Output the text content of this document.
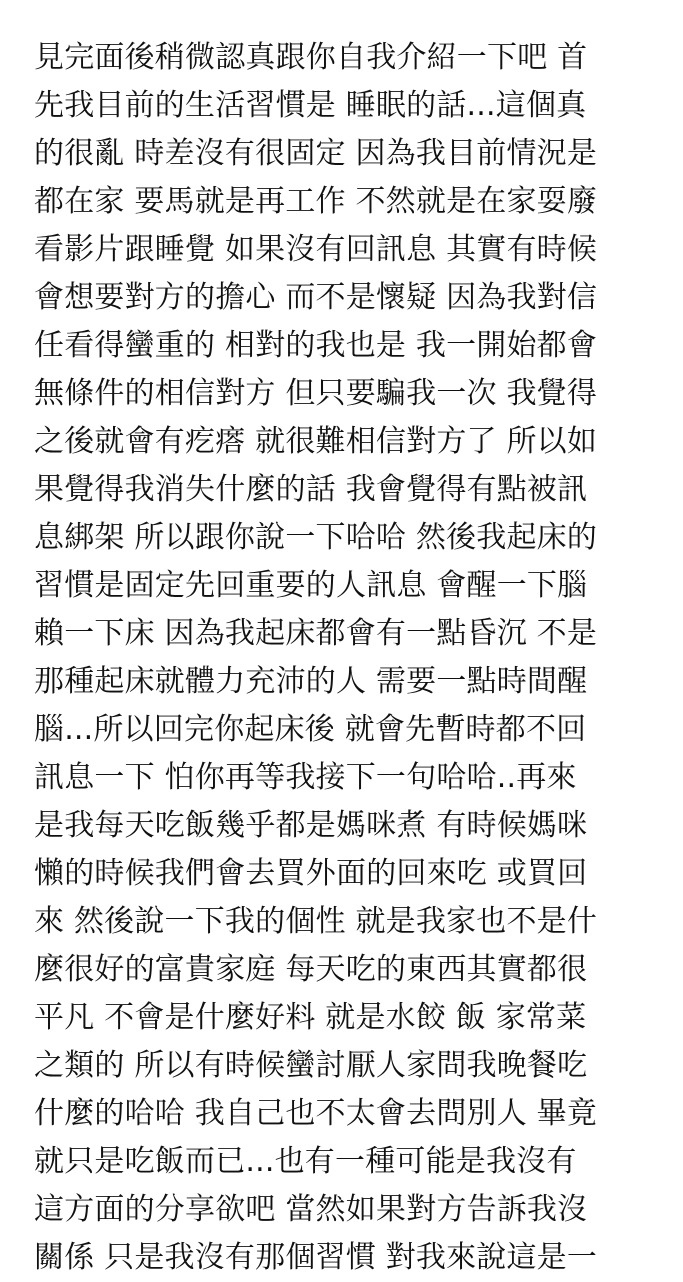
見完面後稍微認真跟你自我介紹一下吧 首
先我目前的生活習慣是 睡眠的話...這個真
的很亂 時差沒有很固定 因為我目前情況是
都在家 要馬就是再工作 不然就是在家耍廢
看影片跟睡覺 如果沒有回訊息 其實有時候
會想要對方的擔心 而不是懷疑 因為我對信
任看得蠻重的 相對的我也是 我一開始都會
無條件的相信對方 但只要騙我一次 我覺得
之後就會有疙瘩 就很難相信對方了 所以如
果覺得我消失什麼的話 我會覺得有點被訊
息綁架 所以跟你說一下哈哈 然後我起床的
習慣是固定先回重要的人訊息 會醒一下腦
賴一下床 因為我起床都會有一點昏沉 不是
那種起床就體力充沛的人 需要一點時間醒
腦...所以回完你起床後 就會先暫時都不回
訊息一下 怕你再等我接下一句哈哈..再來
是我每天吃飯幾乎都是媽咪煮 有時候媽咪
懶的時候我們會去買外面的回來吃 或買回
來 然後說一下我的個性 就是我家也不是什
麼很好的富貴家庭 每天吃的東西其實都很
平凡 不會是什麼好料 就是水餃 飯 家常菜
之類的 所以有時候蠻討厭人家問我晚餐吃
什麼的哈哈 我自己也不太會去問別人 畢竟
就只是吃飯而已...也有一種可能是我沒有
這方面的分享欲吧 當然如果對方告訴我沒
關係 只是我沒有那個習慣 對我來說這是一
